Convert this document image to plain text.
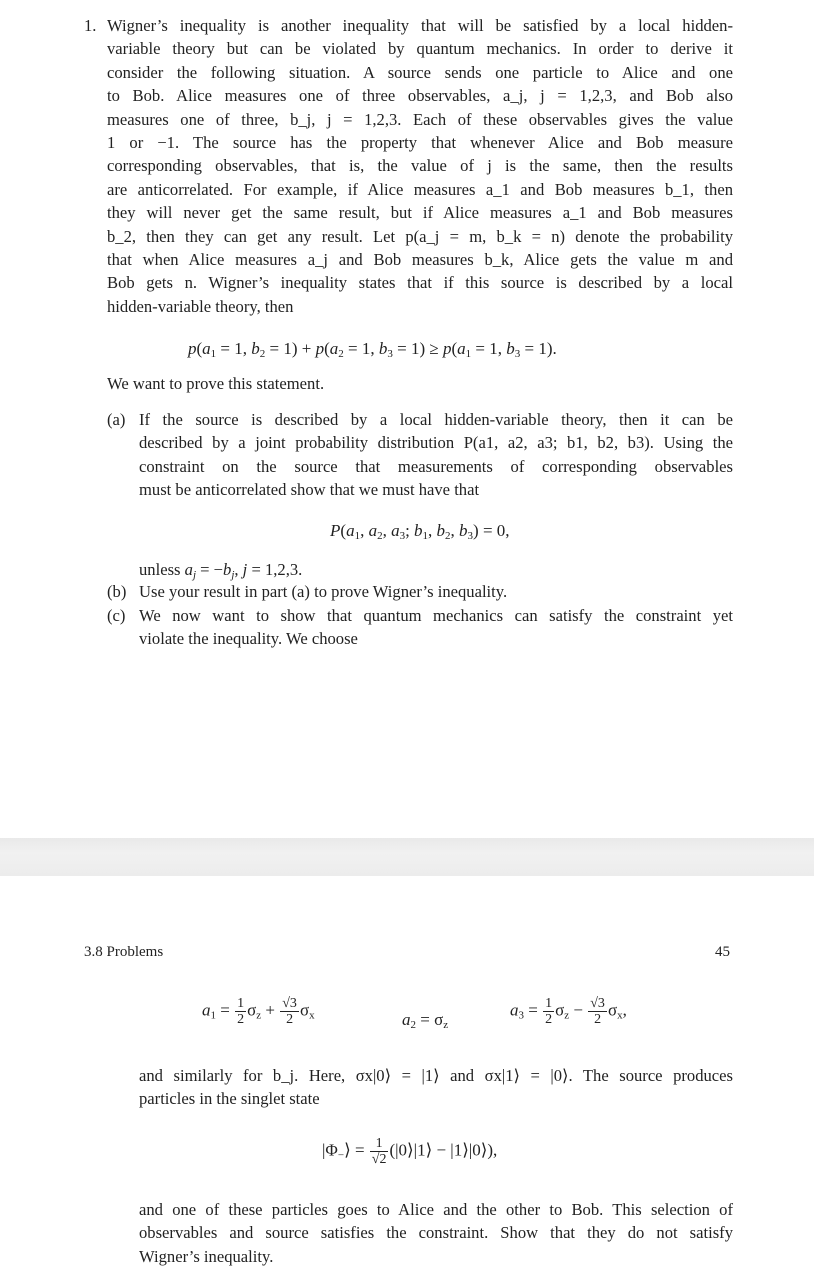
1. Wigner’s inequality is another inequality that will be satisfied by a local hidden-
variable theory but can be violated by quantum mechanics. In order to derive it
consider the following situation. A source sends one particle to Alice and one
to Bob. Alice measures one of three observables, a_j, j = 1,2,3, and Bob also
measures one of three, b_j, j = 1,2,3. Each of these observables gives the value
1 or −1. The source has the property that whenever Alice and Bob measure
corresponding observables, that is, the value of j is the same, then the results
are anticorrelated. For example, if Alice measures a_1 and Bob measures b_1, then
they will never get the same result, but if Alice measures a_1 and Bob measures
b_2, then they can get any result. Let p(a_j = m, b_k = n) denote the probability
that when Alice measures a_j and Bob measures b_k, Alice gets the value m and
Bob gets n. Wigner’s inequality states that if this source is described by a local
hidden-variable theory, then
$p(a_1 = 1$, $b_2 = 1) + p(a_2 = 1$, $b_3 = 1) \ge p(a_1 = 1$, $b_3 = 1$).
We want to prove this statement.
(a) If the source is described by a local hidden-variable theory, then it can be
described by a joint probability distribution P(a1, a2, a3; b1, b2, b3). Using the
constraint on the source that measurements of corresponding observables
must be anticorrelated show that we must have that
$P(a_1$, $a_2$, $a_3$; $b_1$, $b_2$, $b_3) = 0$,
unless $a_j = -b_j$, j = 1,2,3.
(b) Use your result in part (a) to prove Wigner’s inequality.
(c) We now want to show that quantum mechanics can satisfy the constraint yet
violate the inequality. We choose
3.8 Problems	45
$a_1 = \frac{1}{2} \sigma_z + \frac{√3}{2} \sigma_x$	$a_2 = \sigma_z$
$a_3 = \frac{1}{2} \sigma_z - \frac{√3}{2} \sigma_x$,
and similarly for b_j. Here, σx|0⟩ = |1⟩ and σx|1⟩ = |0⟩. The source produces
particles in the singlet state
$|\Phi_-⟩ = \frac{1}{√2}$ (|0⟩|1⟩ − |1⟩|0⟩),
and one of these particles goes to Alice and the other to Bob. This selection of
observables and source satisfies the constraint. Show that they do not satisfy
Wigner’s inequality.
